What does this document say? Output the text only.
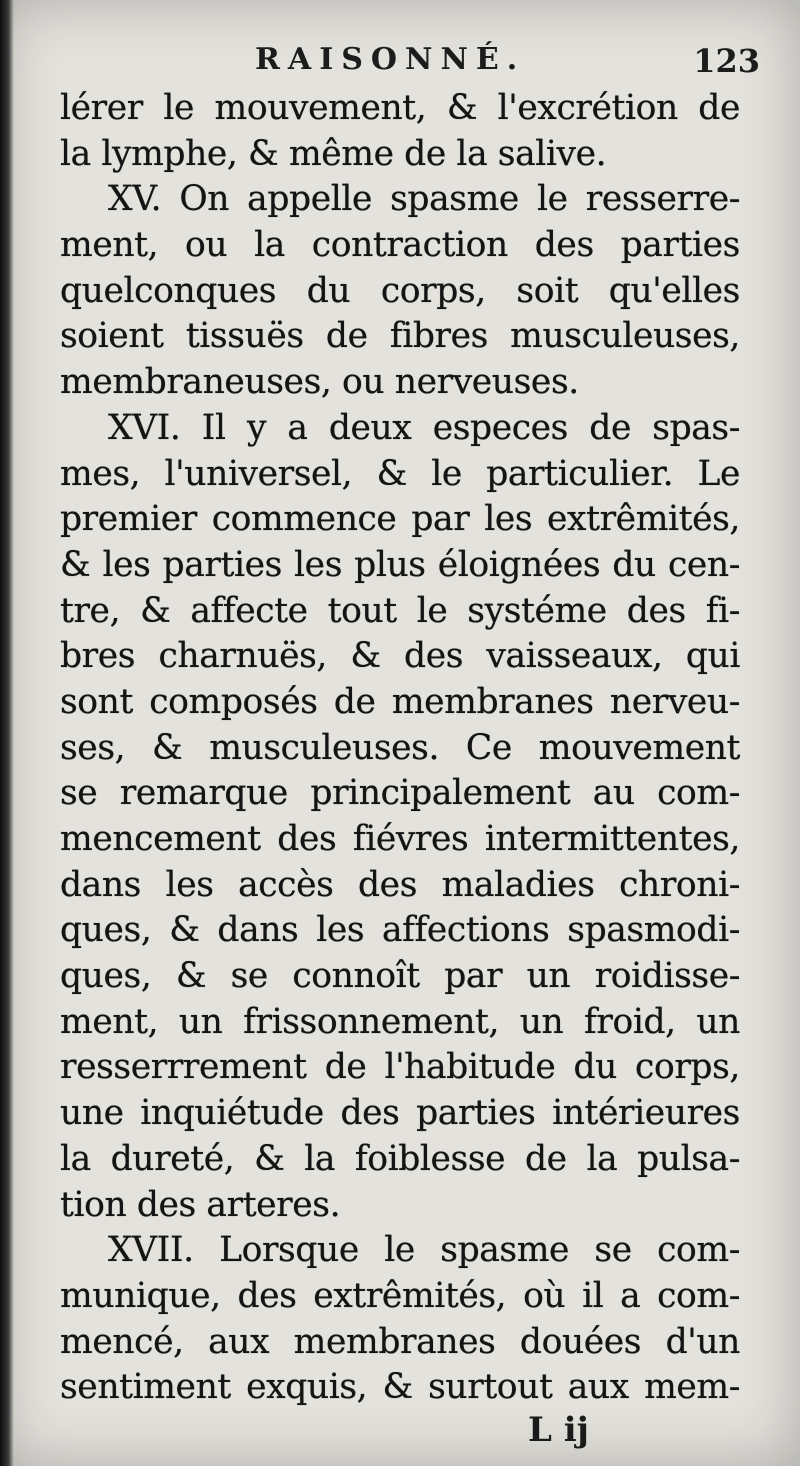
RAISONNÉ.	123
lérer le mouvement, & l'excrétion de
la lymphe, & même de la salive.
XV. On appelle spasme le resserre-
ment, ou la contraction des parties
quelconques du corps, soit qu'elles
soient tissuës de fibres musculeuses,
membraneuses, ou nerveuses.
XVI. Il y a deux especes de spas-
mes, l'universel, & le particulier. Le
premier commence par les extrêmités,
& les parties les plus éloignées du cen-
tre, & affecte tout le systéme des fi-
bres charnuës, & des vaisseaux, qui
sont composés de membranes nerveu-
ses, & musculeuses. Ce mouvement
se remarque principalement au com-
mencement des fiévres intermittentes,
dans les accès des maladies chroni-
ques, & dans les affections spasmodi-
ques, & se connoît par un roidisse-
ment, un frissonnement, un froid, un
resserrrement de l'habitude du corps,
une inquiétude des parties intérieures
la dureté, & la foiblesse de la pulsa-
tion des arteres.
XVII. Lorsque le spasme se com-
munique, des extrêmités, où il a com-
mencé, aux membranes douées d'un
sentiment exquis, & surtout aux mem-
L ij
